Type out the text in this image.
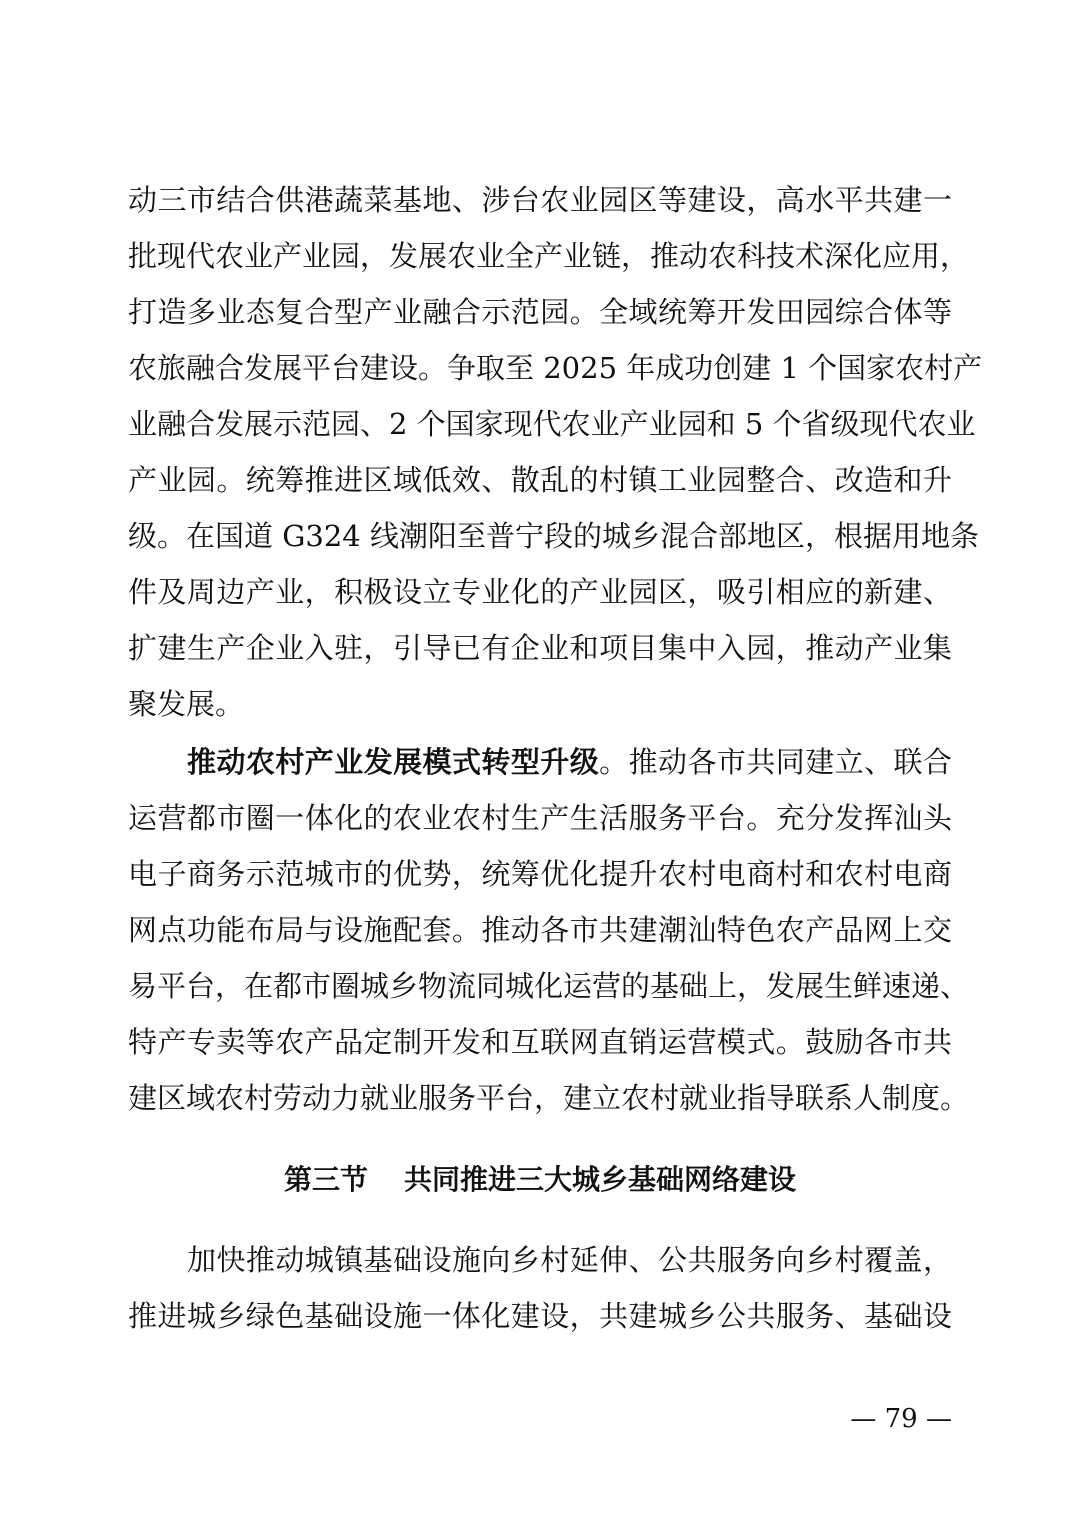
动三市结合供港蔬菜基地、涉台农业园区等建设，高水平共建一
批现代农业产业园，发展农业全产业链，推动农科技术深化应用，
打造多业态复合型产业融合示范园。全域统筹开发田园综合体等
农旅融合发展平台建设。争取至 2025 年成功创建 1 个国家农村产
业融合发展示范园、2 个国家现代农业产业园和 5 个省级现代农业
产业园。统筹推进区域低效、散乱的村镇工业园整合、改造和升
级。在国道 G324 线潮阳至普宁段的城乡混合部地区，根据用地条
件及周边产业，积极设立专业化的产业园区，吸引相应的新建、
扩建生产企业入驻，引导已有企业和项目集中入园，推动产业集
聚发展。
推动农村产业发展模式转型升级。推动各市共同建立、联合
运营都市圈一体化的农业农村生产生活服务平台。充分发挥汕头
电子商务示范城市的优势，统筹优化提升农村电商村和农村电商
网点功能布局与设施配套。推动各市共建潮汕特色农产品网上交
易平台，在都市圈城乡物流同城化运营的基础上，发展生鲜速递、
特产专卖等农产品定制开发和互联网直销运营模式。鼓励各市共
建区域农村劳动力就业服务平台，建立农村就业指导联系人制度。
第三节 共同推进三大城乡基础网络建设
加快推动城镇基础设施向乡村延伸、公共服务向乡村覆盖，
推进城乡绿色基础设施一体化建设，共建城乡公共服务、基础设
— 79 —
